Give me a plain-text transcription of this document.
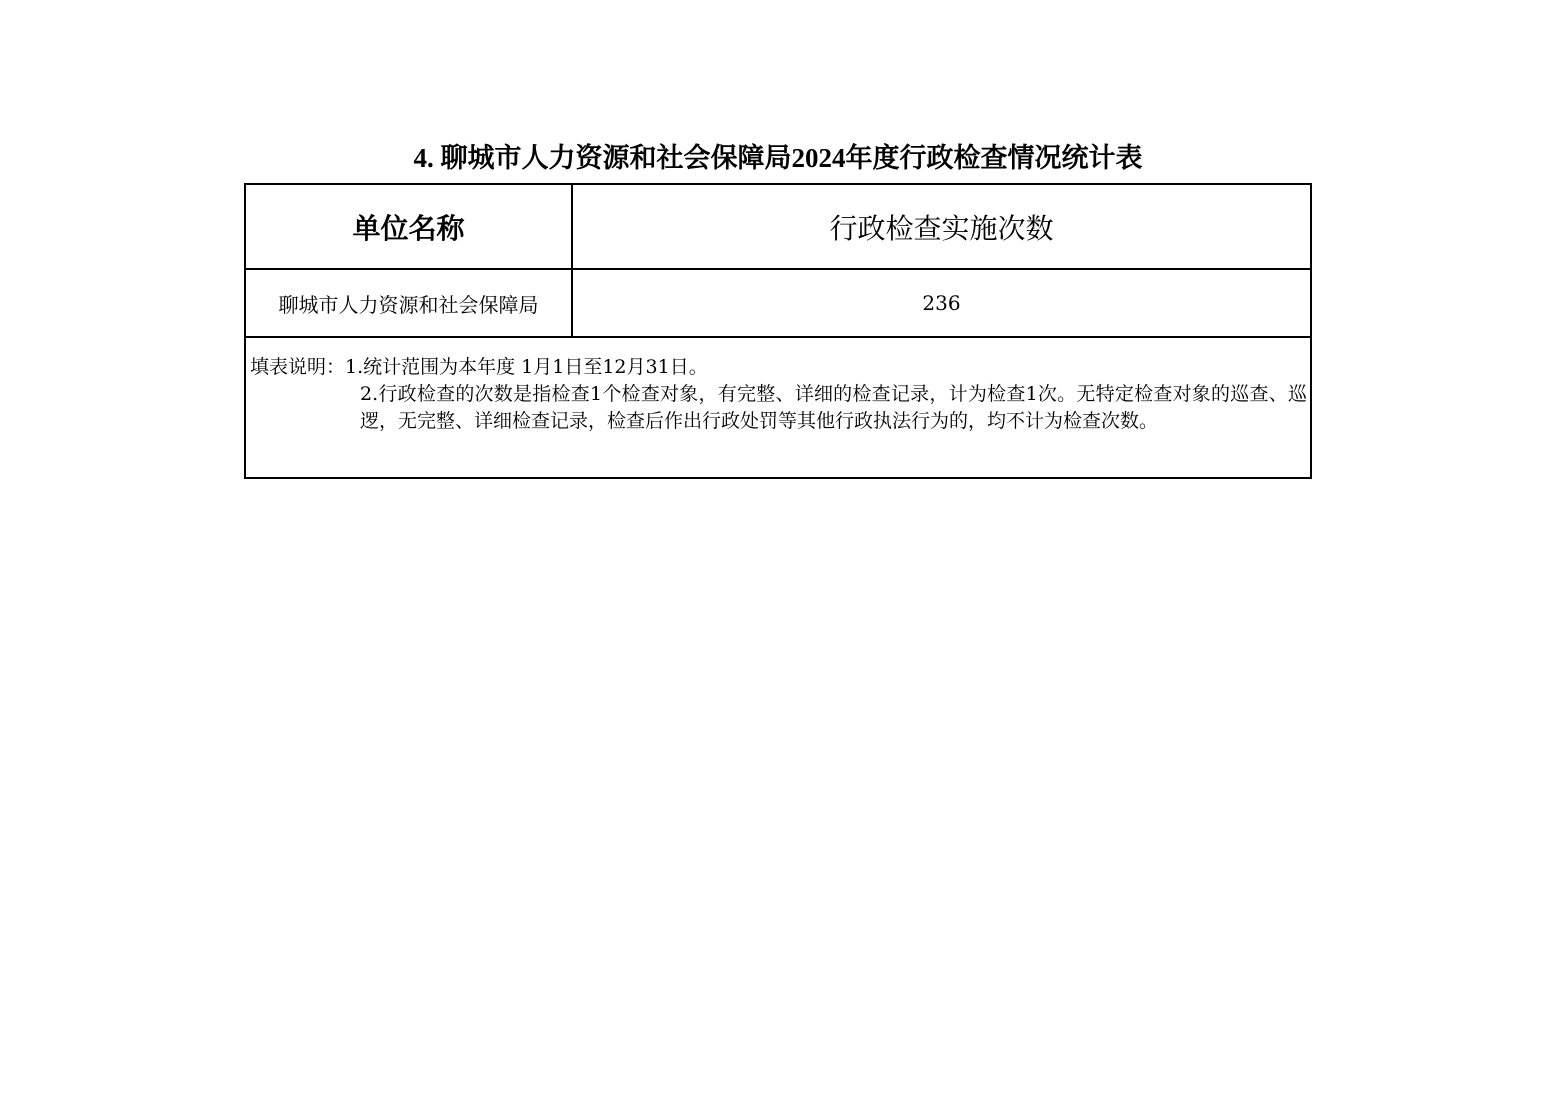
4. 聊城市人力资源和社会保障局2024年度行政检查情况统计表
单位名称	行政检查实施次数
聊城市人力资源和社会保障局	236

填表说明：1.统计范围为本年度 1月1日至12月31日。

2.行政检查的次数是指检查1个检查对象，有完整、详细的检查记录，计为检查1次。无特定检查对象的巡查、巡逻，无完整、详细检查记录，检查后作出行政处罚等其他行政执法行为的，均不计为检查次数。
